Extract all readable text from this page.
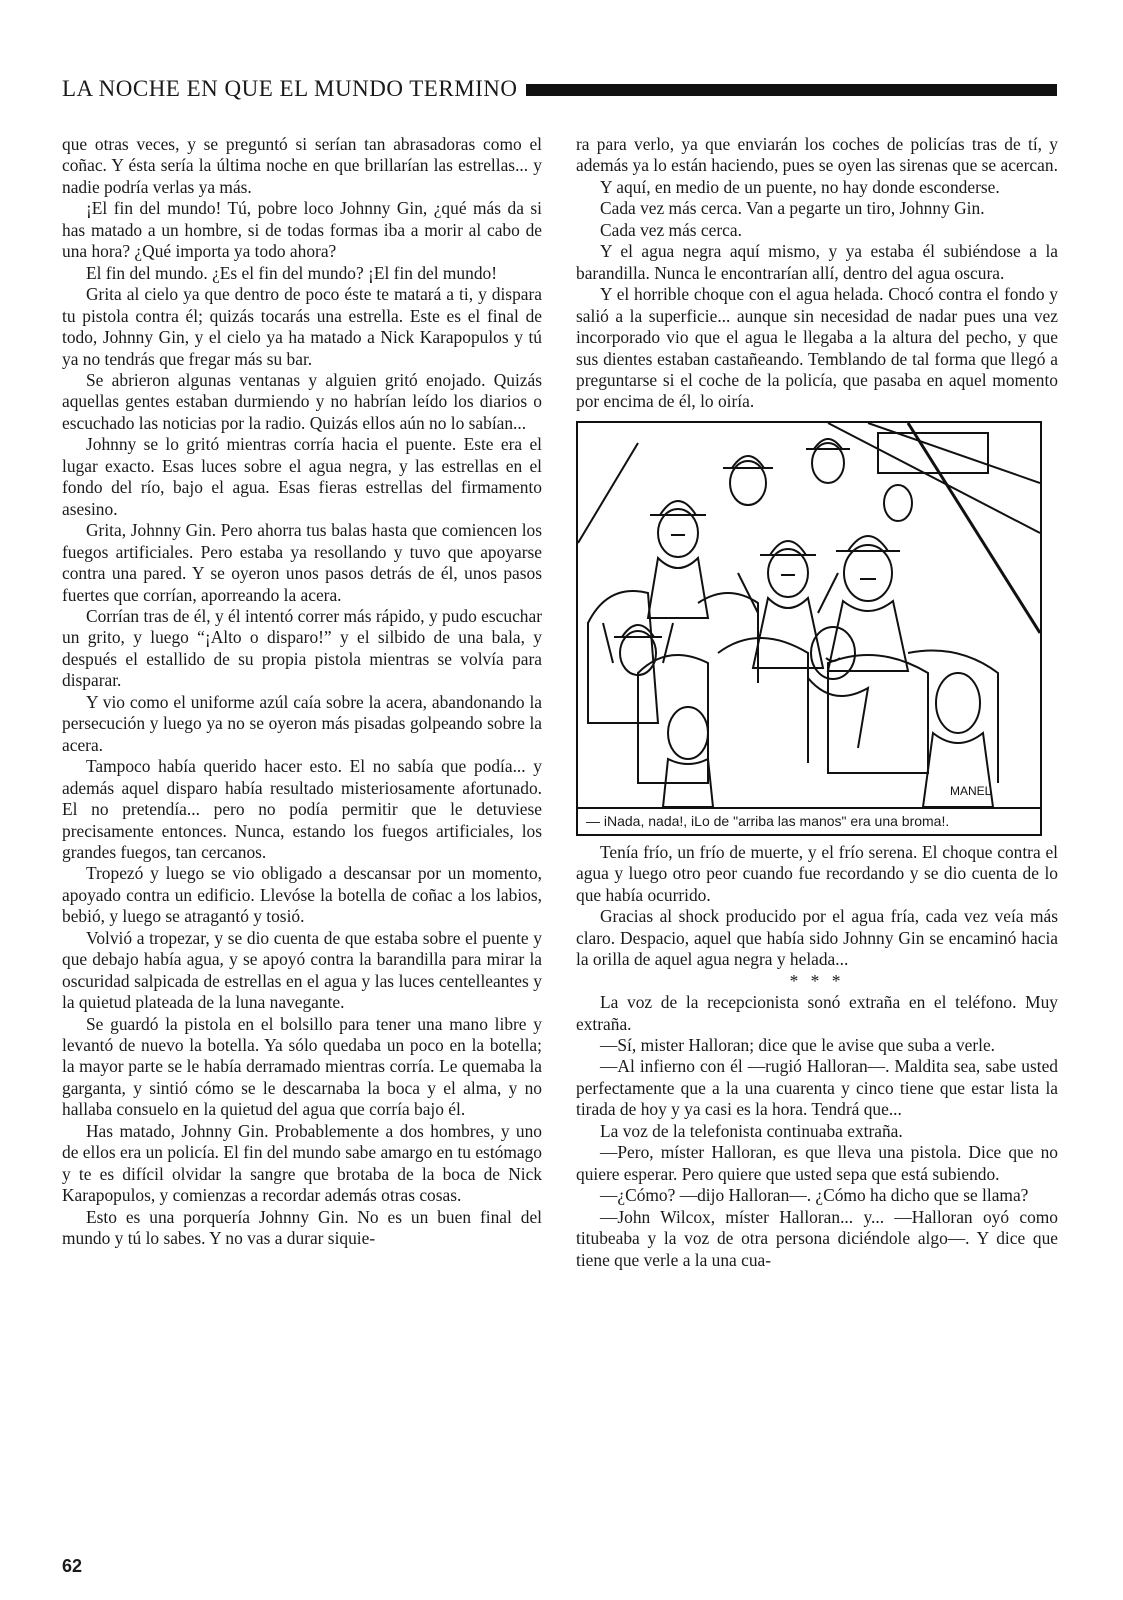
LA NOCHE EN QUE EL MUNDO TERMINO

que otras veces, y se preguntó si serían tan abrasadoras como el coñac. Y ésta sería la última noche en que brillarían las estrellas... y nadie podría verlas ya más.

¡El fin del mundo! Tú, pobre loco Johnny Gin, ¿qué más da si has matado a un hombre, si de todas formas iba a morir al cabo de una hora? ¿Qué importa ya todo ahora?

El fin del mundo. ¿Es el fin del mundo? ¡El fin del mundo!

Grita al cielo ya que dentro de poco éste te matará a ti, y dispara tu pistola contra él; quizás tocarás una estrella. Este es el final de todo, Johnny Gin, y el cielo ya ha matado a Nick Karapopulos y tú ya no tendrás que fregar más su bar.

Se abrieron algunas ventanas y alguien gritó enojado. Quizás aquellas gentes estaban durmiendo y no habrían leído los diarios o escuchado las noticias por la radio. Quizás ellos aún no lo sabían...

Johnny se lo gritó mientras corría hacia el puente. Este era el lugar exacto. Esas luces sobre el agua negra, y las estrellas en el fondo del río, bajo el agua. Esas fieras estrellas del firmamento asesino.

Grita, Johnny Gin. Pero ahorra tus balas hasta que comiencen los fuegos artificiales. Pero estaba ya resollando y tuvo que apoyarse contra una pared. Y se oyeron unos pasos detrás de él, unos pasos fuertes que corrían, aporreando la acera.

Corrían tras de él, y él intentó correr más rápido, y pudo escuchar un grito, y luego “¡Alto o disparo!” y el silbido de una bala, y después el estallido de su propia pistola mientras se volvía para disparar.

Y vio como el uniforme azúl caía sobre la acera, abandonando la persecución y luego ya no se oyeron más pisadas golpeando sobre la acera.

Tampoco había querido hacer esto. El no sabía que podía... y además aquel disparo había resultado misteriosamente afortunado. El no pretendía... pero no podía permitir que le detuviese precisamente entonces. Nunca, estando los fuegos artificiales, los grandes fuegos, tan cercanos.

Tropezó y luego se vio obligado a descansar por un momento, apoyado contra un edificio. Llevóse la botella de coñac a los labios, bebió, y luego se atragantó y tosió.

Volvió a tropezar, y se dio cuenta de que estaba sobre el puente y que debajo había agua, y se apoyó contra la barandilla para mirar la oscuridad salpicada de estrellas en el agua y las luces centelleantes y la quietud plateada de la luna navegante.

Se guardó la pistola en el bolsillo para tener una mano libre y levantó de nuevo la botella. Ya sólo quedaba un poco en la botella; la mayor parte se le había derramado mientras corría. Le quemaba la garganta, y sintió cómo se le descarnaba la boca y el alma, y no hallaba consuelo en la quietud del agua que corría bajo él.

Has matado, Johnny Gin. Probablemente a dos hombres, y uno de ellos era un policía. El fin del mundo sabe amargo en tu estómago y te es difícil olvidar la sangre que brotaba de la boca de Nick Karapopulos, y comienzas a recordar además otras cosas.

Esto es una porquería Johnny Gin. No es un buen final del mundo y tú lo sabes. Y no vas a durar siquie-

ra para verlo, ya que enviarán los coches de policías tras de tí, y además ya lo están haciendo, pues se oyen las sirenas que se acercan.

Y aquí, en medio de un puente, no hay donde esconderse.

Cada vez más cerca. Van a pegarte un tiro, Johnny Gin.

Cada vez más cerca.

Y el agua negra aquí mismo, y ya estaba él subiéndose a la barandilla. Nunca le encontrarían allí, dentro del agua oscura.

Y el horrible choque con el agua helada. Chocó contra el fondo y salió a la superficie... aunque sin necesidad de nadar pues una vez incorporado vio que el agua le llegaba a la altura del pecho, y que sus dientes estaban castañeando. Temblando de tal forma que llegó a preguntarse si el coche de la policía, que pasaba en aquel momento por encima de él, lo oiría.

MANEL
— iNada, nada!, iLo de "arriba las manos" era una broma!.

Tenía frío, un frío de muerte, y el frío serena. El choque contra el agua y luego otro peor cuando fue recordando y se dio cuenta de lo que había ocurrido.

Gracias al shock producido por el agua fría, cada vez veía más claro. Despacio, aquel que había sido Johnny Gin se encaminó hacia la orilla de aquel agua negra y helada...

* * *

La voz de la recepcionista sonó extraña en el teléfono. Muy extraña.

—Sí, mister Halloran; dice que le avise que suba a verle.

—Al infierno con él —rugió Halloran—. Maldita sea, sabe usted perfectamente que a la una cuarenta y cinco tiene que estar lista la tirada de hoy y ya casi es la hora. Tendrá que...

La voz de la telefonista continuaba extraña.

—Pero, míster Halloran, es que lleva una pistola. Dice que no quiere esperar. Pero quiere que usted sepa que está subiendo.

—¿Cómo? —dijo Halloran—. ¿Cómo ha dicho que se llama?

—John Wilcox, míster Halloran... y... —Halloran oyó como titubeaba y la voz de otra persona diciéndole algo—. Y dice que tiene que verle a la una cua-

62
